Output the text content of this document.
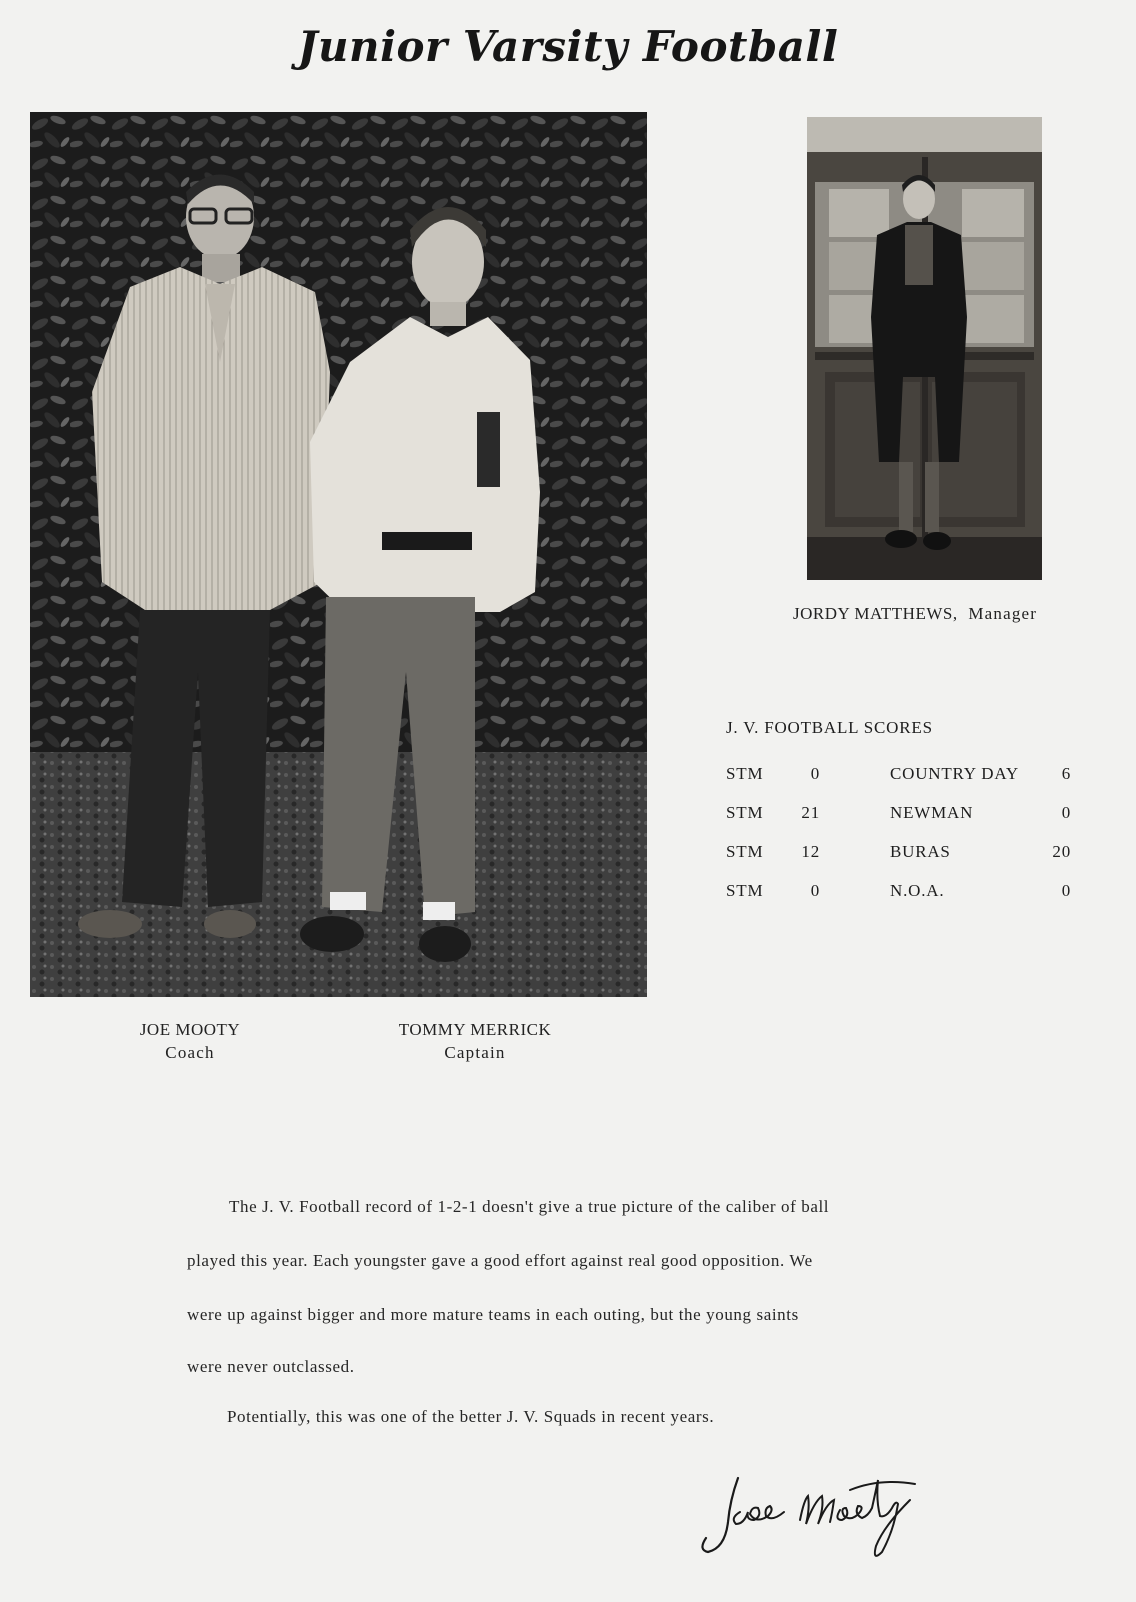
Junior Varsity Football
JOE MOOTY
Coach
TOMMY MERRICK
Captain
JORDY MATTHEWS, Manager
J. V. FOOTBALL SCORES
STM	0	COUNTRY DAY	6
STM	21	NEWMAN	0
STM	12	BURAS	20
STM	0	N.O.A.	0
The J. V. Football record of 1-2-1 doesn't give a true picture of the caliber of ball
played this year. Each youngster gave a good effort against real good opposition. We
were up against bigger and more mature teams in each outing, but the young saints
were never outclassed.
Potentially, this was one of the better J. V. Squads in recent years.
